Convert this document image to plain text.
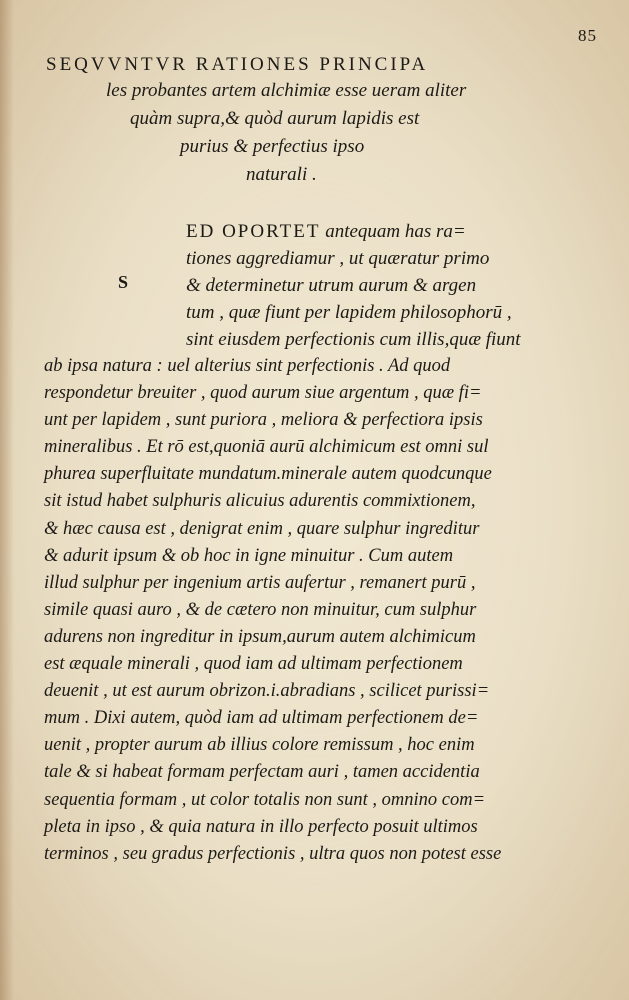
85
SEQVVNTVR RATIONES PRINCIPA
les probantes artem alchimiæ esse ueram aliter
quàm supra,& quòd aurum lapidis est
purius & perfectius ipso
naturali .
S
ED OPORTET antequam has ra=
tiones aggrediamur , ut quæratur primo
& determinetur utrum aurum & argen
tum , quæ fiunt per lapidem philosophorū ,
sint eiusdem perfectionis cum illis,quæ fiunt
ab ipsa natura : uel alterius sint perfectionis . Ad quod
respondetur breuiter , quod aurum siue argentum , quæ fi=
unt per lapidem , sunt puriora , meliora & perfectiora ipsis
mineralibus . Et rō est,quoniā aurū alchimicum est omni sul
phurea superfluitate mundatum.minerale autem quodcunque
sit istud habet sulphuris alicuius adurentis commixtionem,
& hæc causa est , denigrat enim , quare sulphur ingreditur
& adurit ipsum & ob hoc in igne minuitur . Cum autem
illud sulphur per ingenium artis aufertur , remanert purū ,
simile quasi auro , & de cætero non minuitur, cum sulphur
adurens non ingreditur in ipsum,aurum autem alchimicum
est æquale minerali , quod iam ad ultimam perfectionem
deuenit , ut est aurum obrizon.i.abradians , scilicet purissi=
mum . Dixi autem, quòd iam ad ultimam perfectionem de=
uenit , propter aurum ab illius colore remissum , hoc enim
tale & si habeat formam perfectam auri , tamen accidentia
sequentia formam , ut color totalis non sunt , omnino com=
pleta in ipso , & quia natura in illo perfecto posuit ultimos
terminos , seu gradus perfectionis , ultra quos non potest esse
